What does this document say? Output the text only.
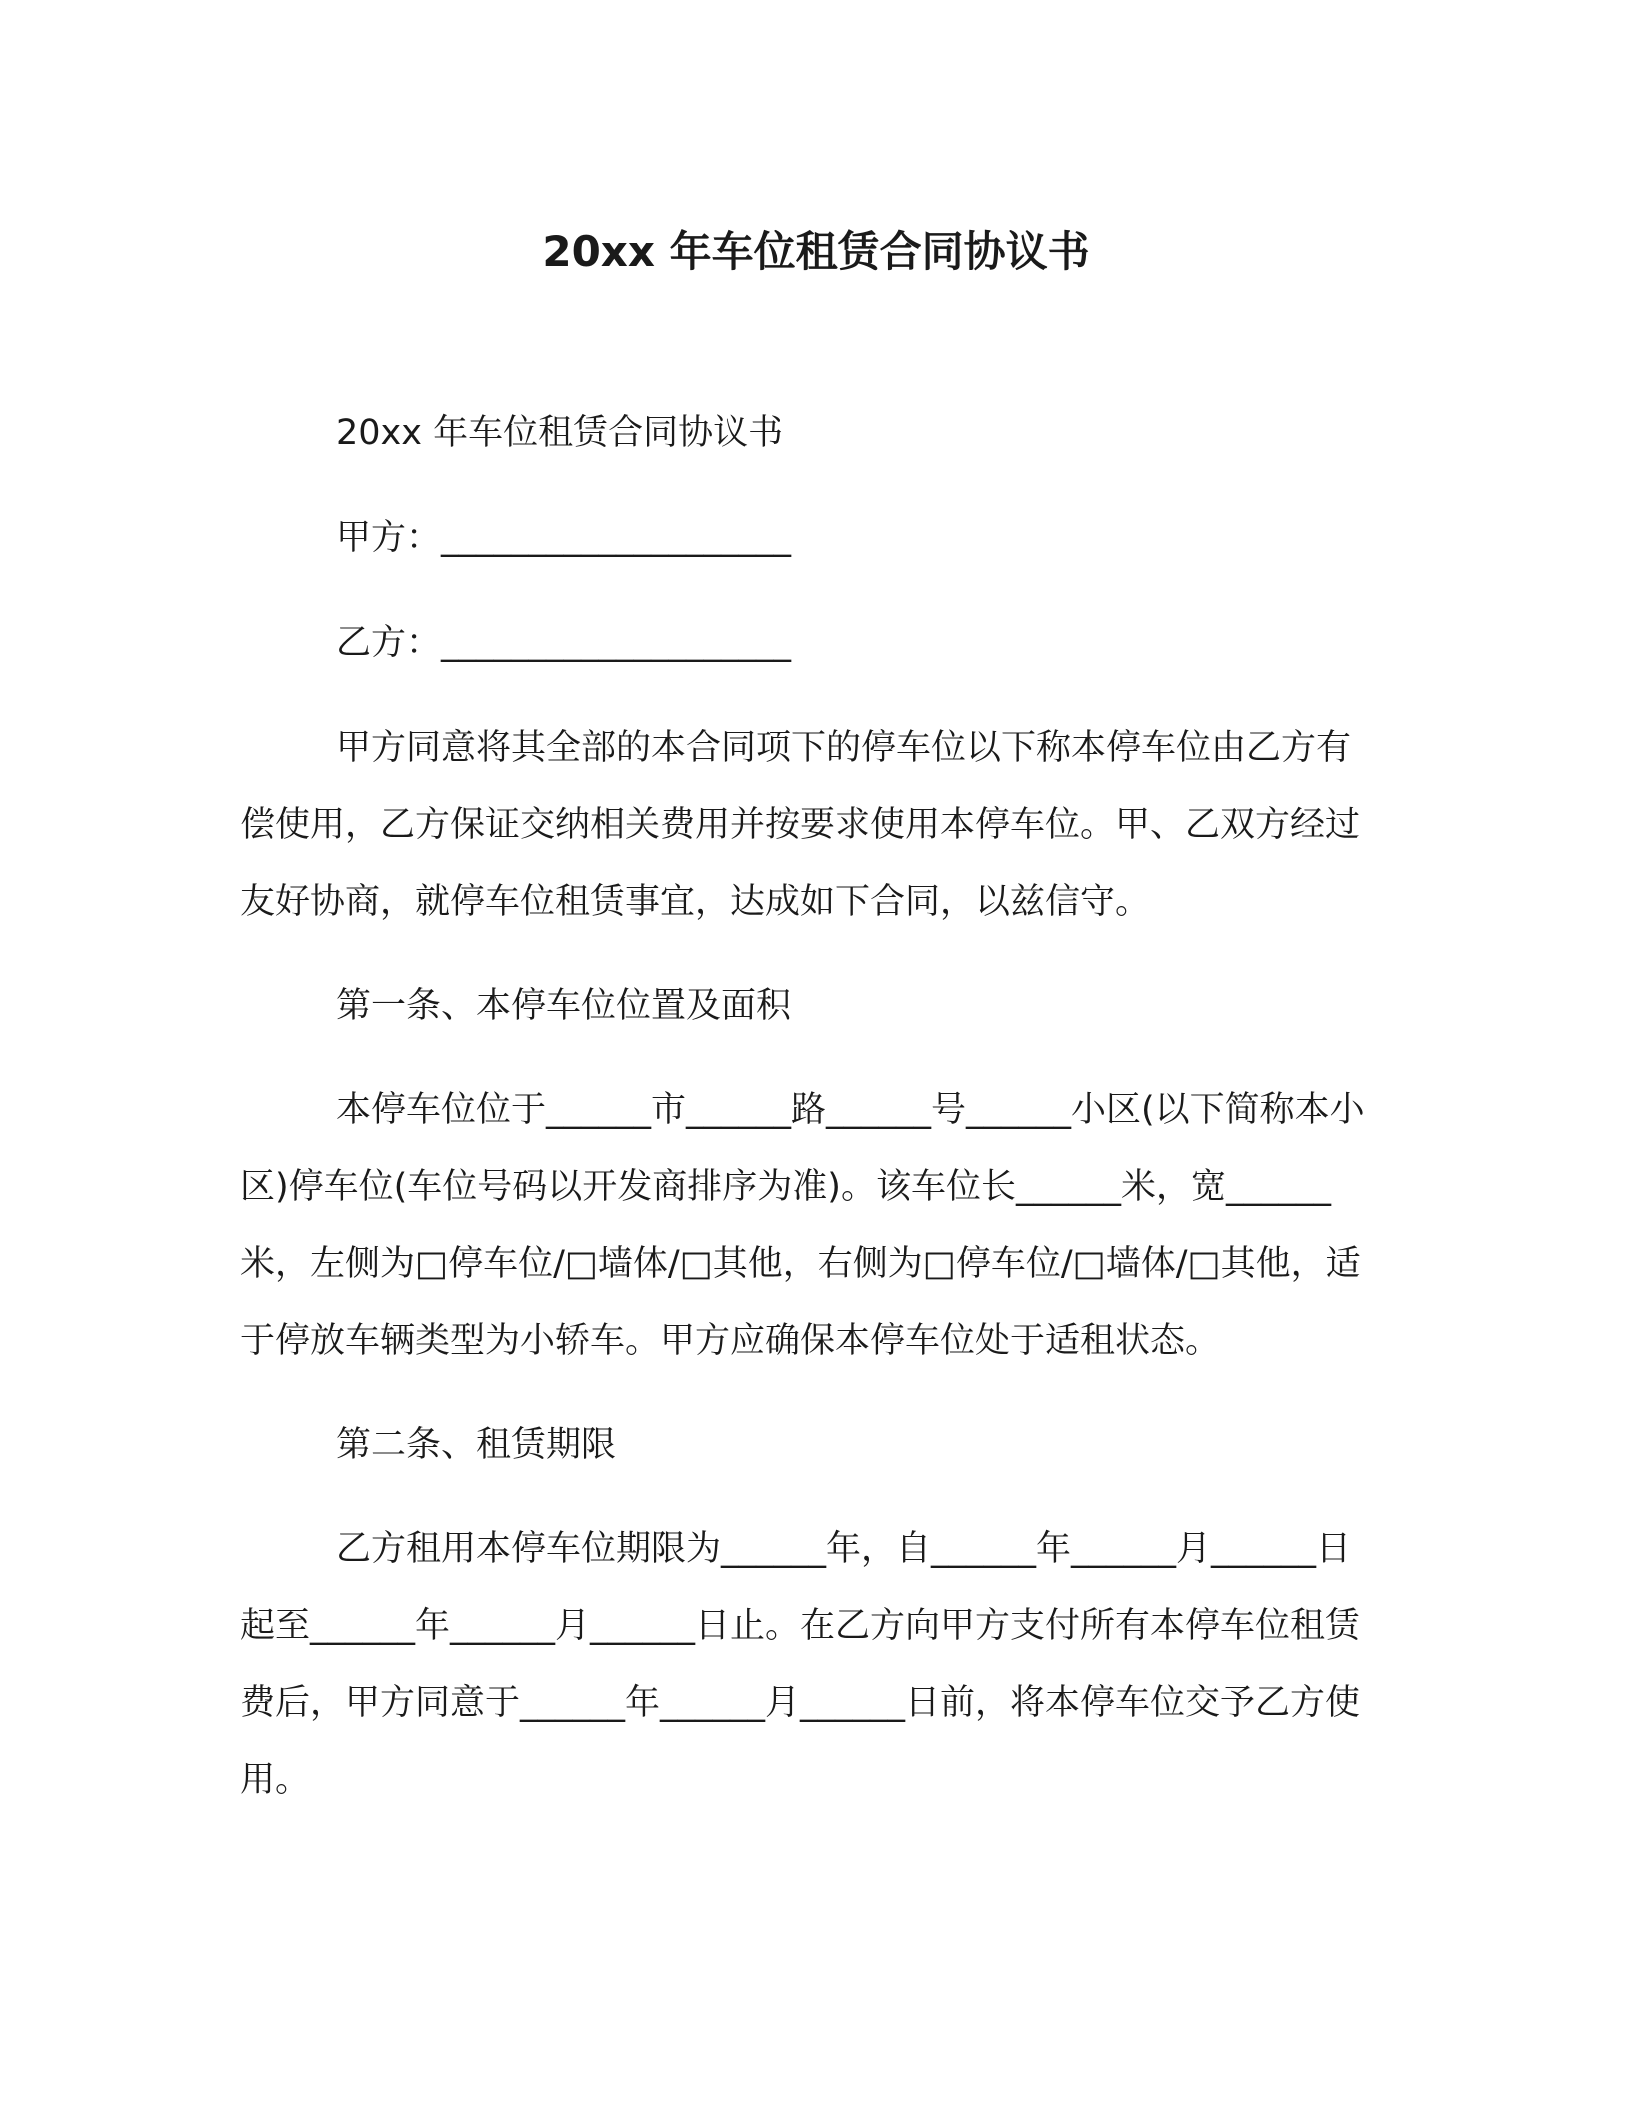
20xx 年车位租赁合同协议书

20xx 年车位租赁合同协议书

甲方：____________________

乙方：____________________

甲方同意将其全部的本合同项下的停车位以下称本停车位由乙方有偿使用，乙方保证交纳相关费用并按要求使用本停车位。甲、乙双方经过友好协商，就停车位租赁事宜，达成如下合同，以兹信守。

第一条、本停车位位置及面积

本停车位位于______市______路______号______小区(以下简称本小区)停车位(车位号码以开发商排序为准)。该车位长______米，宽______米，左侧为□停车位/□墙体/□其他，右侧为□停车位/□墙体/□其他，适于停放车辆类型为小轿车。甲方应确保本停车位处于适租状态。

第二条、租赁期限

乙方租用本停车位期限为______年，自______年______月______日起至______年______月______日止。在乙方向甲方支付所有本停车位租赁费后，甲方同意于______年______月______日前，将本停车位交予乙方使用。
